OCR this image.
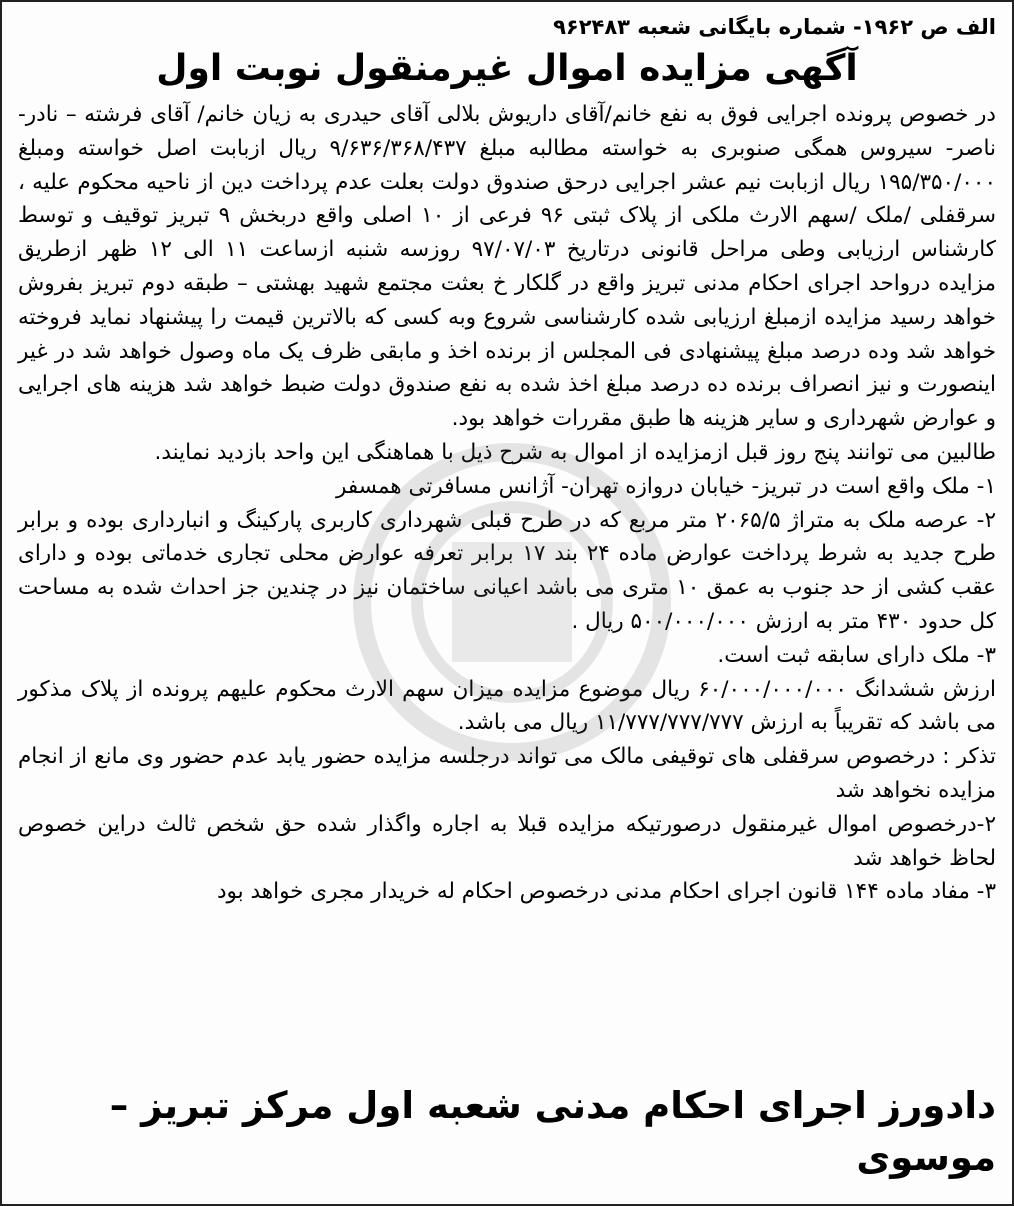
الف ص ۱۹۶۲- شماره بایگانی شعبه ۹۶۲۴۸۳
آگهی مزایده اموال غیرمنقول نوبت اول

در خصوص پرونده اجرایی فوق به نفع خانم/آقای داریوش بلالی آقای حیدری به زیان خانم/ آقای فرشته – نادر- ناصر- سیروس همگی صنوبری به خواسته مطالبه مبلغ ۹/۶۳۶/۳۶۸/۴۳۷ ریال ازبابت اصل خواسته ومبلغ ۱۹۵/۳۵۰/۰۰۰ ریال ازبابت نیم عشر اجرایی درحق صندوق دولت بعلت عدم پرداخت دین از ناحیه محکوم علیه ، سرقفلی /ملک /سهم الارث ملکی از پلاک ثبتی ۹۶ فرعی از ۱۰ اصلی واقع دربخش ۹ تبریز توقیف و توسط کارشناس ارزیابی وطی مراحل قانونی درتاریخ ۹۷/۰۷/۰۳ روزسه شنبه ازساعت ۱۱ الی ۱۲ ظهر ازطریق مزایده درواحد اجرای احکام مدنی تبریز واقع در گلکار خ بعثت مجتمع شهید بهشتی – طبقه دوم تبریز بفروش خواهد رسید مزایده ازمبلغ ارزیابی شده کارشناسی شروع وبه کسی که بالاترین قیمت را پیشنهاد نماید فروخته خواهد شد وده درصد مبلغ پیشنهادی فی المجلس از برنده اخذ و مابقی ظرف یک ماه وصول خواهد شد در غیر اینصورت و نیز انصراف برنده ده درصد مبلغ اخذ شده به نفع صندوق دولت ضبط خواهد شد هزینه های اجرایی و عوارض شهرداری و سایر هزینه ها طبق مقررات خواهد بود.

طالبین می توانند پنج روز قبل ازمزایده از اموال به شرح ذیل با هماهنگی این واحد بازدید نمایند.

۱- ملک واقع است در تبریز- خیابان دروازه تهران- آژانس مسافرتی همسفر

۲- عرصه ملک به متراژ ۲۰۶۵/۵ متر مربع که در طرح قبلی شهرداری کاربری پارکینگ و انبارداری بوده و برابر طرح جدید به شرط پرداخت عوارض ماده ۲۴ بند ۱۷ برابر تعرفه عوارض محلی تجاری خدماتی بوده و دارای عقب کشی از حد جنوب به عمق ۱۰ متری می باشد اعیانی ساختمان نیز در چندین جز احداث شده به مساحت کل حدود ۴۳۰ متر به ارزش ۵۰۰/۰۰۰/۰۰۰ ریال .

۳- ملک دارای سابقه ثبت است.

ارزش ششدانگ ۶۰/۰۰۰/۰۰۰/۰۰۰ ریال موضوع مزایده میزان سهم الارث محکوم علیهم پرونده از پلاک مذکور می باشد که تقریباً به ارزش ۱۱/۷۷۷/۷۷۷/۷۷۷ ریال می باشد.

تذکر : درخصوص سرقفلی های توقیفی مالک می تواند درجلسه مزایده حضور یابد عدم حضور وی مانع از انجام مزایده نخواهد شد

۲-درخصوص اموال غیرمنقول درصورتیکه مزایده قبلا به اجاره واگذار شده حق شخص ثالث دراین خصوص لحاظ خواهد شد

۳- مفاد ماده ۱۴۴ قانون اجرای احکام مدنی درخصوص احکام له خریدار مجری خواهد بود

دادورز اجرای احکام مدنی شعبه اول مرکز تبریز – موسوی
